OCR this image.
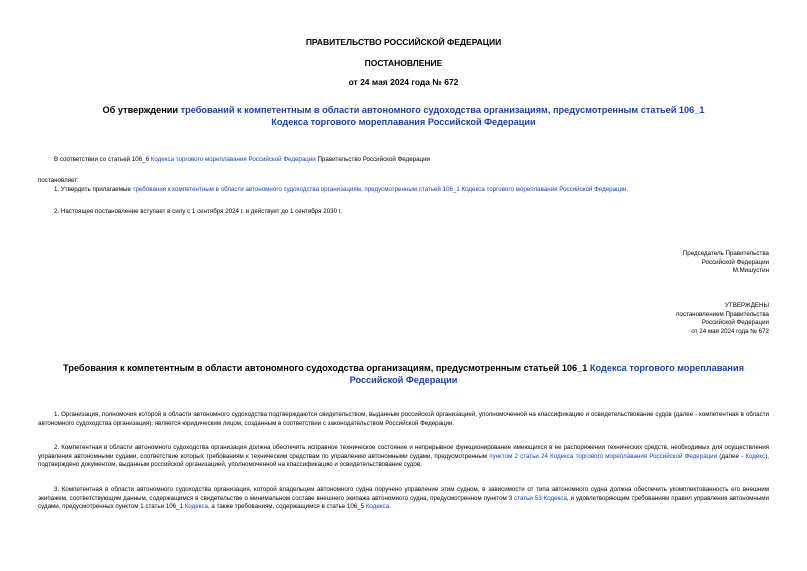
ПРАВИТЕЛЬСТВО РОССИЙСКОЙ ФЕДЕРАЦИИ
ПОСТАНОВЛЕНИЕ
от 24 мая 2024 года № 672
Об утверждении требований к компетентным в области автономного судоходства организациям, предусмотренным статьей 106_1 Кодекса торгового мореплавания Российской Федерации
В соответствии со статьей 106_6 Кодекса торгового мореплавания Российской Федерации Правительство Российской Федерации
постановляет:
1. Утвердить прилагаемые требования к компетентным в области автономного судоходства организациям, предусмотренным статьей 106_1 Кодекса торгового мореплавания Российской Федерации.
2. Настоящее постановление вступает в силу с 1 сентября 2024 г. и действует до 1 сентября 2030 г.
Председатель Правительства
Российской Федерации
М.Мишустин
УТВЕРЖДЕНЫ
постановлением Правительства
Российской Федерации
от 24 мая 2024 года № 672
Требования к компетентным в области автономного судоходства организациям, предусмотренным статьей 106_1 Кодекса торгового мореплавания Российской Федерации
1. Организация, полномочия которой в области автономного судоходства подтверждаются свидетельством, выданным российской организацией, уполномоченной на классификацию и освидетельствование судов (далее - компетентная в области автономного судоходства организация), является юридическим лицом, созданным в соответствии с законодательством Российской Федерации.
2. Компетентная в области автономного судоходства организация должна обеспечить исправное техническое состояние и непрерывное функционирование имеющихся в ее распоряжении технических средств, необходимых для осуществления управления автономными судами, соответствие которых требованиям к техническим средствам по управлению автономными судами, предусмотренным пунктом 2 статьи 24 Кодекса торгового мореплавания Российской Федерации (далее - Кодекс), подтверждено документом, выданным российской организацией, уполномоченной на классификацию и освидетельствование судов.
3. Компетентная в области автономного судоходства организация, которой владельцем автономного судна поручено управление этим судном, в зависимости от типа автономного судна должна обеспечить укомплектованность его внешним экипажем, соответствующим данным, содержащимся в свидетельстве о минимальном составе внешнего экипажа автономного судна, предусмотренном пунктом 3 статьи 53 Кодекса, и удовлетворяющим требованиям правил управления автономными судами, предусмотренных пунктом 1 статьи 106_1 Кодекса, а также требованиям, содержащимся в статье 106_5 Кодекса.
